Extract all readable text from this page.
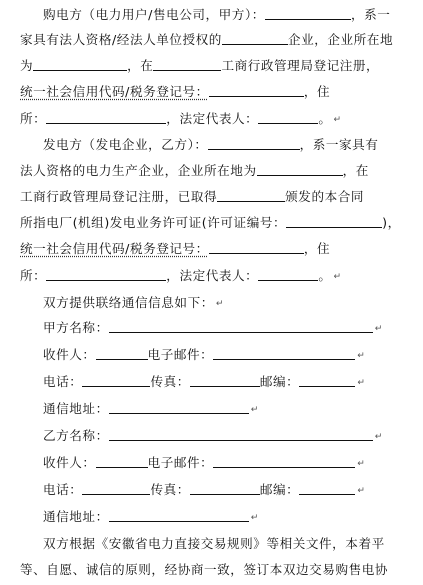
购电方（电力用户/售电公司，甲方）：	，系一
家具有法人资格/经法人单位授权的	企业，企业所在地
为	，在	工商行政管理局登记注册，
统一社会信用代码/税务登记号：	，住
所：	，法定代表人：	。 ↵
发电方（发电企业，乙方）：	，系一家具有
法人资格的电力生产企业，企业所在地为	，在
工商行政管理局登记注册，已取得	颁发的本合同
所指电厂(机组)发电业务许可证(许可证编号：	)，
统一社会信用代码/税务登记号：	，住
所：	，法定代表人：	。 ↵
双方提供联络通信信息如下： ↵
甲方名称：	↵
收件人：	电子邮件：	↵
电话：	传真：	邮编：	↵
通信地址：	↵
乙方名称：	↵
收件人：	电子邮件：	↵
电话：	传真：	邮编：	↵
通信地址：	↵
双方根据《安徽省电力直接交易规则》等相关文件，本着平
等、自愿、诚信的原则，经协商一致，签订本双边交易购售电协
